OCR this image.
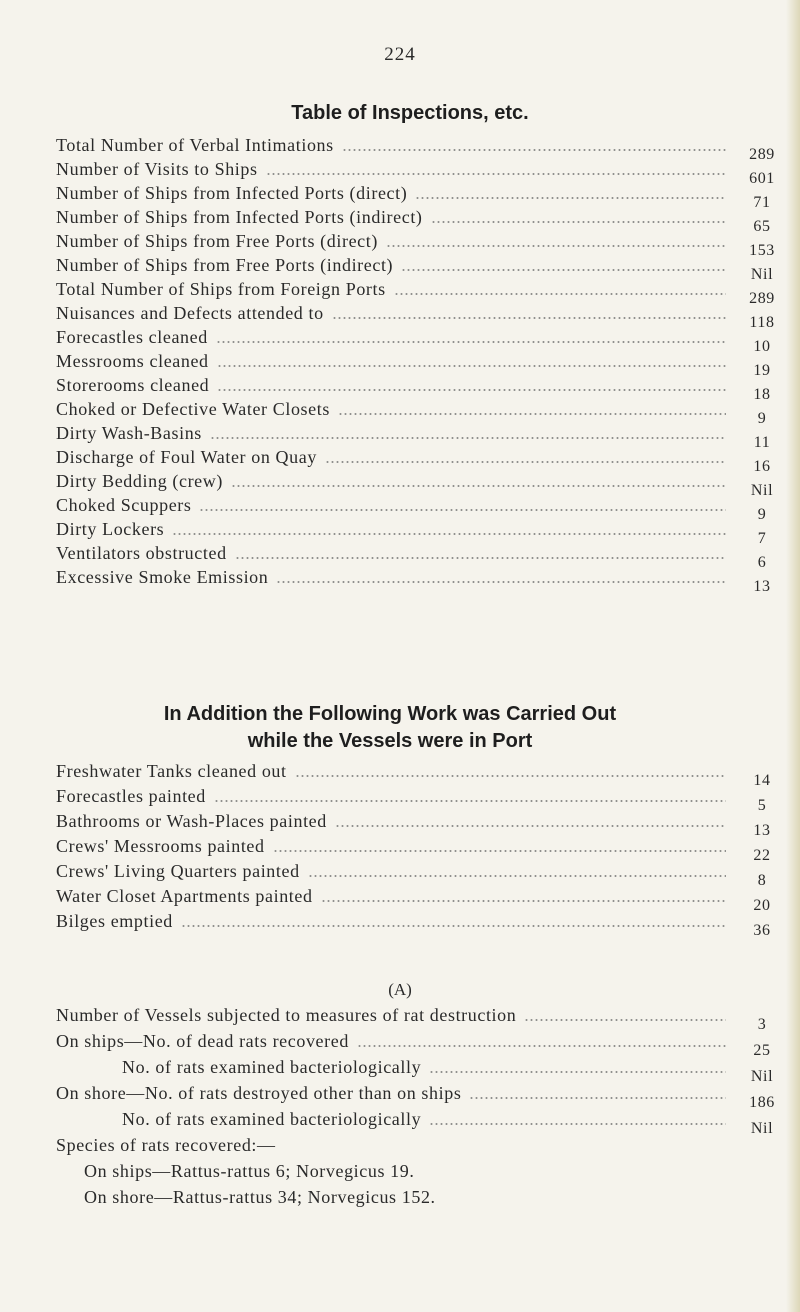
224
Table of Inspections, etc.
Total Number of Verbal Intimations	289
Number of Visits to Ships	601
Number of Ships from Infected Ports (direct)	71
Number of Ships from Infected Ports (indirect)	65
Number of Ships from Free Ports (direct)	153
Number of Ships from Free Ports (indirect)	Nil
Total Number of Ships from Foreign Ports	289
Nuisances and Defects attended to	118
Forecastles cleaned	10
Messrooms cleaned	19
Storerooms cleaned	18
Choked or Defective Water Closets	9
Dirty Wash-Basins	11
Discharge of Foul Water on Quay	16
Dirty Bedding (crew)	Nil
Choked Scuppers	9
Dirty Lockers	7
Ventilators obstructed	6
Excessive Smoke Emission	13
In Addition the Following Work was Carried Out
while the Vessels were in Port
Freshwater Tanks cleaned out	14
Forecastles painted	5
Bathrooms or Wash-Places painted	13
Crews' Messrooms painted	22
Crews' Living Quarters painted	8
Water Closet Apartments painted	20
Bilges emptied	36
(A)
Number of Vessels subjected to measures of rat destruction	3
On ships—No. of dead rats recovered	25
No. of rats examined bacteriologically	Nil
On shore—No. of rats destroyed other than on ships	186
No. of rats examined bacteriologically	Nil
Species of rats recovered:—
On ships—Rattus-rattus 6; Norvegicus 19.
On shore—Rattus-rattus 34; Norvegicus 152.
